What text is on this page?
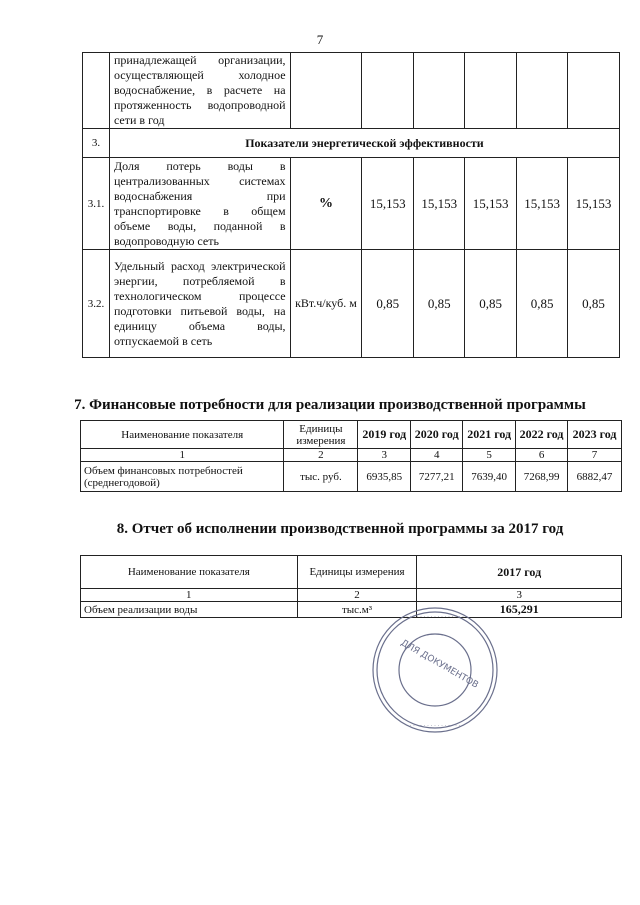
7
	принадлежащей организации, осуществляющей холодное водоснабжение, в расчете на протяженность водопроводной сети в год						
3.	Показатели энергетической эффективности						
3.1.	Доля потерь воды в централизованных системах водоснабжения при транспортировке в общем объеме воды, поданной в водопроводную сеть	%	15,153	15,153	15,153	15,153	15,153
3.2.	Удельный расход электрической энергии, потребляемой в технологическом процессе подготовки питьевой воды, на единицу объема воды, отпускаемой в сеть	кВт.ч/куб. м	0,85	0,85	0,85	0,85	0,85
7. Финансовые потребности для реализации производственной программы
Наименование показателя	Единицы измерения	2019 год	2020 год	2021 год	2022 год	2023 год
1	2	3	4	5	6	7
Объем финансовых потребностей (среднегодовой)	тыс. руб.	6935,85	7277,21	7639,40	7268,99	6882,47
8. Отчет об исполнении производственной программы за 2017 год
Наименование показателя	Единицы измерения	2017 год
1	2	3
Объем реализации воды	тыс.м³	165,291
· · · · · · · · · · · · · · · · ·
· · · · · · · · · · · · · · · · ·
ДЛЯ ДОКУМЕНТОВ
